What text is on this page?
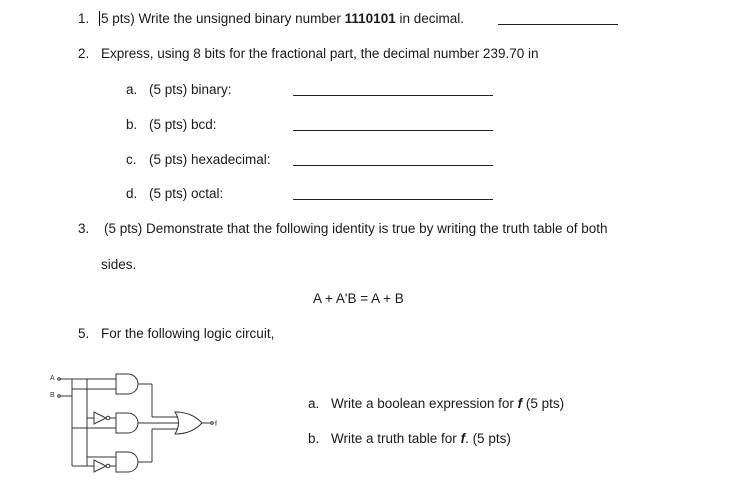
1. 5 pts) Write the unsigned binary number 1110101 in decimal.
2. Express, using 8 bits for the fractional part, the decimal number 239.70 in
a. (5 pts) binary:
b. (5 pts) bcd:
c. (5 pts) hexadecimal:
d. (5 pts) octal:
3. (5 pts) Demonstrate that the following identity is true by writing the truth table of both
sides.
A + A'B = A + B
5. For the following logic circuit,
a. Write a boolean expression for f (5 pts)
b. Write a truth table for f. (5 pts)
A
B
f
